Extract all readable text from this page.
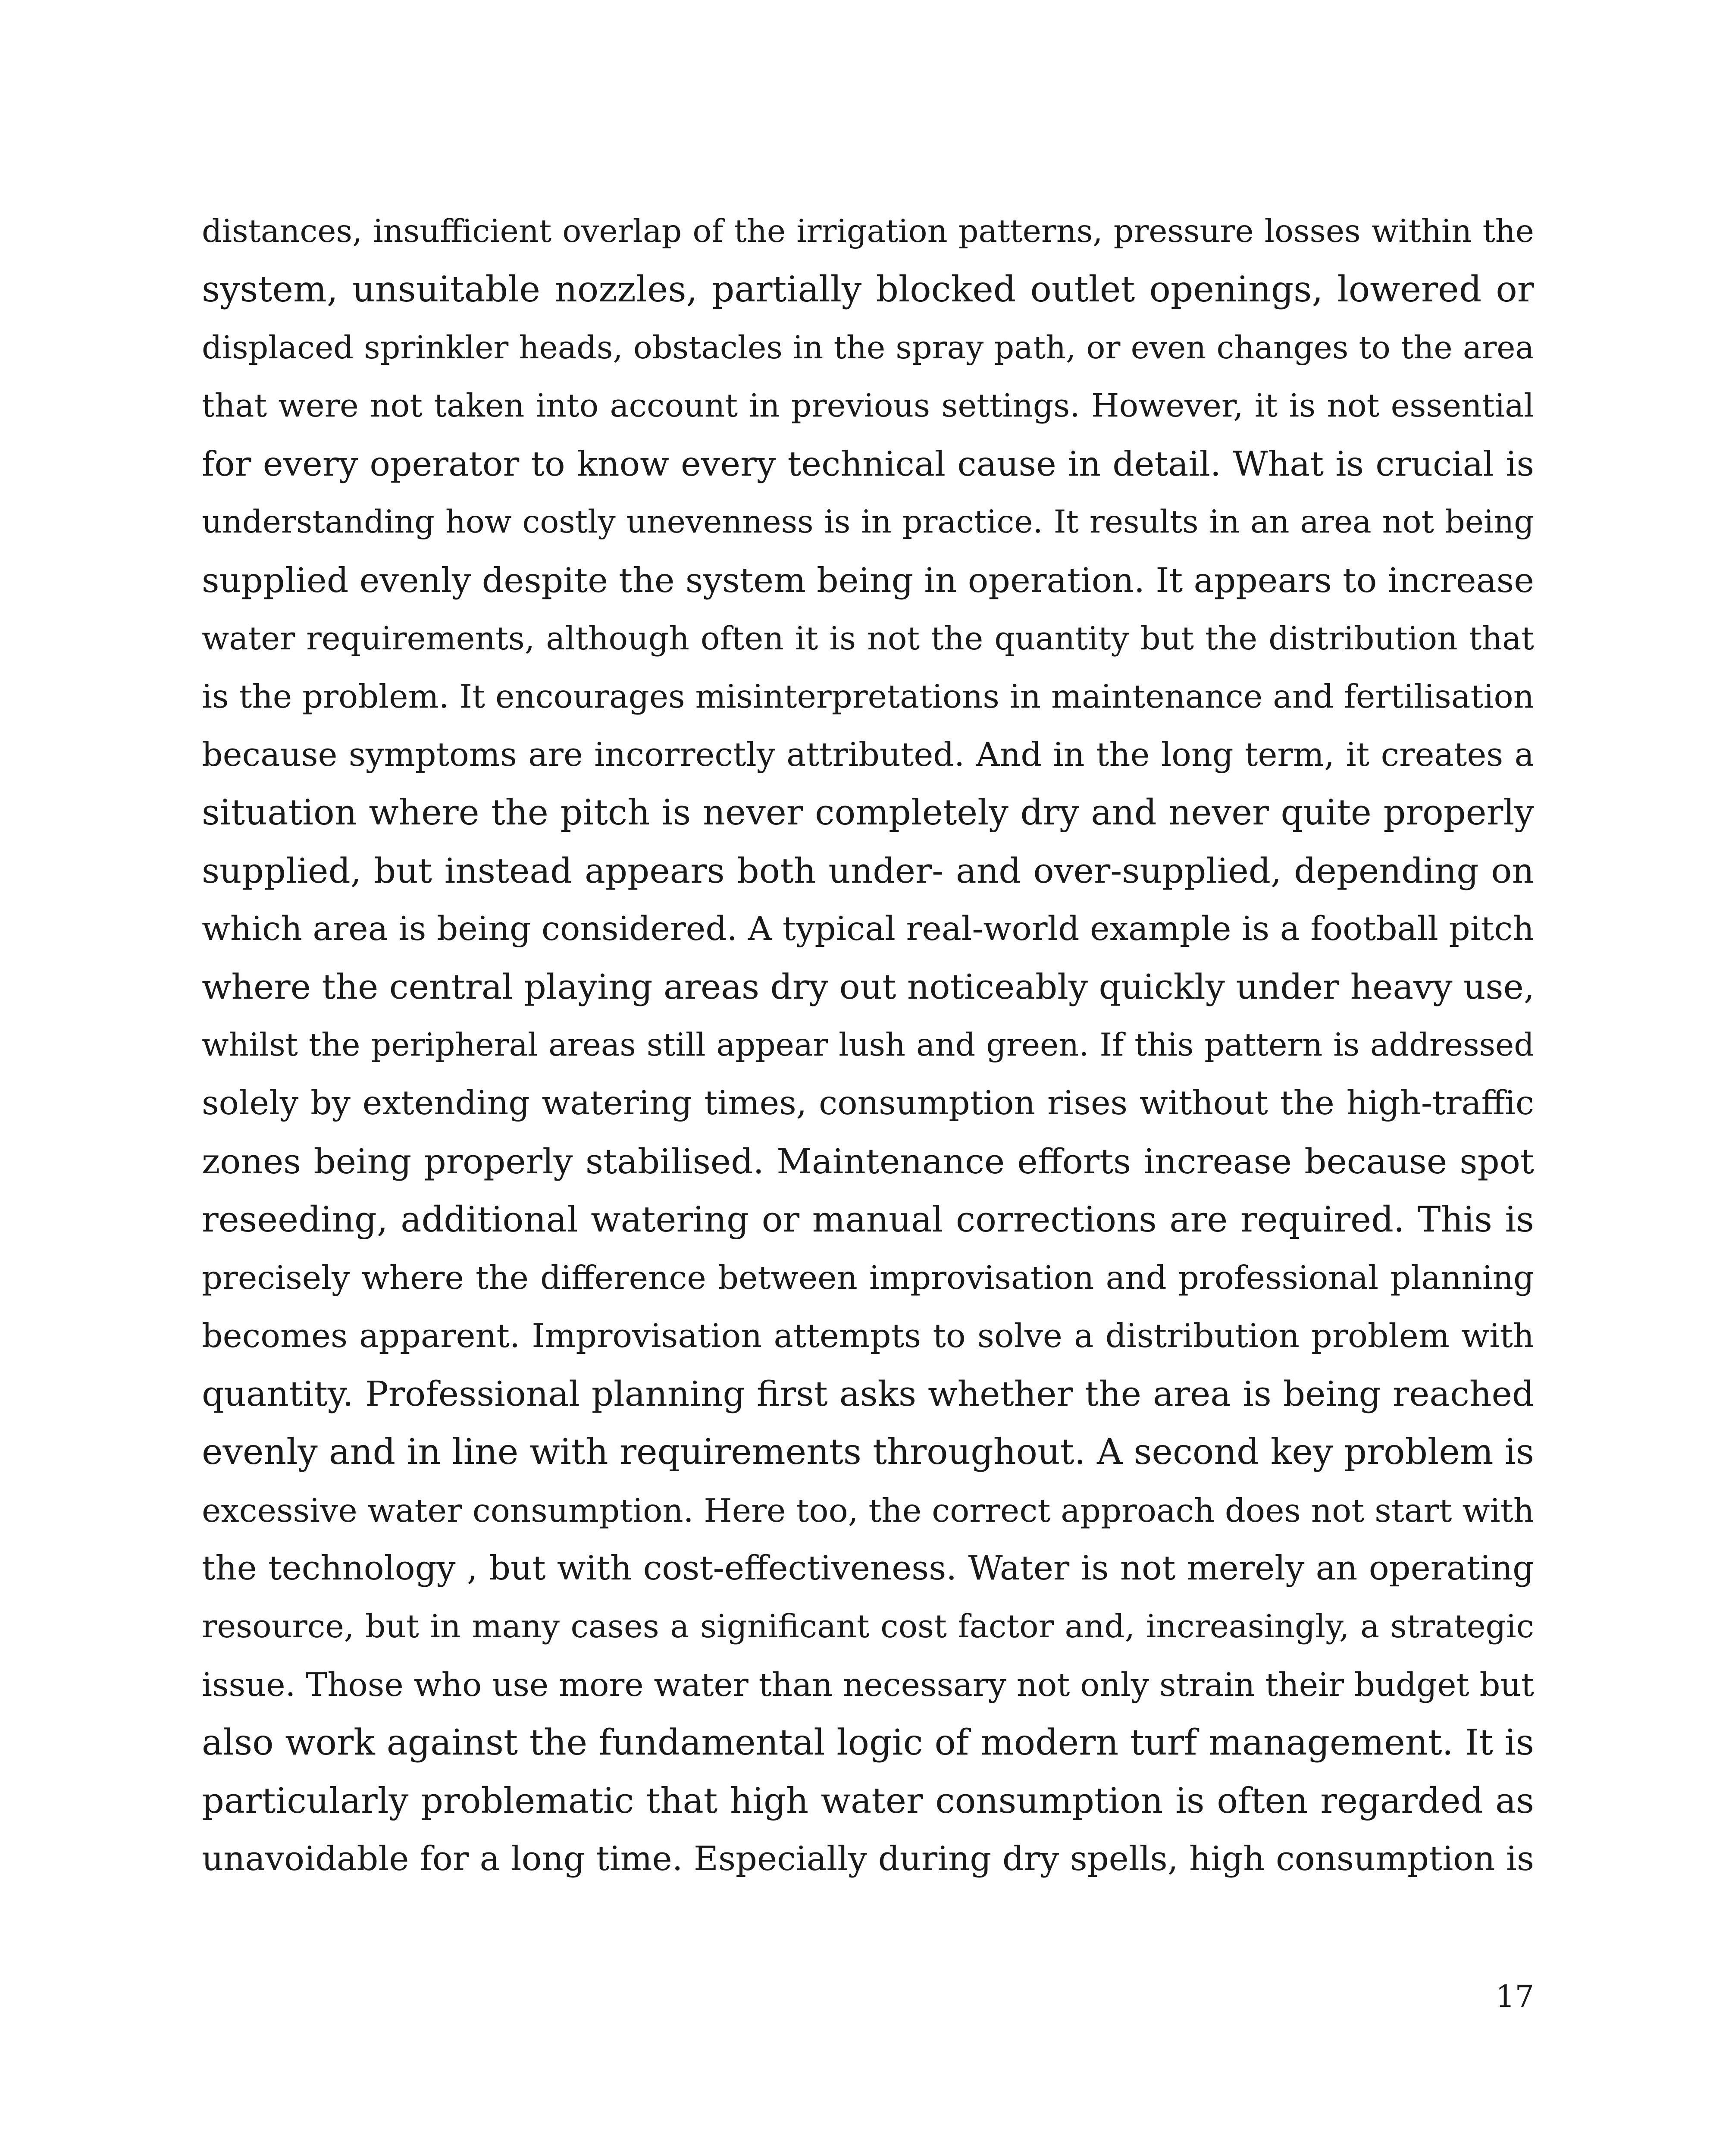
distances, insufficient overlap of the irrigation patterns, pressure losses within the
system, unsuitable nozzles, partially blocked outlet openings, lowered or
displaced sprinkler heads, obstacles in the spray path, or even changes to the area
that were not taken into account in previous settings. However, it is not essential
for every operator to know every technical cause in detail. What is crucial is
understanding how costly unevenness is in practice. It results in an area not being
supplied evenly despite the system being in operation. It appears to increase
water requirements, although often it is not the quantity but the distribution that
is the problem. It encourages misinterpretations in maintenance and fertilisation
because symptoms are incorrectly attributed. And in the long term, it creates a
situation where the pitch is never completely dry and never quite properly
supplied, but instead appears both under- and over-supplied, depending on
which area is being considered. A typical real-world example is a football pitch
where the central playing areas dry out noticeably quickly under heavy use,
whilst the peripheral areas still appear lush and green. If this pattern is addressed
solely by extending watering times, consumption rises without the high-traffic
zones being properly stabilised. Maintenance efforts increase because spot
reseeding, additional watering or manual corrections are required. This is
precisely where the difference between improvisation and professional planning
becomes apparent. Improvisation attempts to solve a distribution problem with
quantity. Professional planning first asks whether the area is being reached
evenly and in line with requirements throughout. A second key problem is
excessive water consumption. Here too, the correct approach does not start with
the technology , but with cost-effectiveness. Water is not merely an operating
resource, but in many cases a significant cost factor and, increasingly, a strategic
issue. Those who use more water than necessary not only strain their budget but
also work against the fundamental logic of modern turf management. It is
particularly problematic that high water consumption is often regarded as
unavoidable for a long time. Especially during dry spells, high consumption is
17
